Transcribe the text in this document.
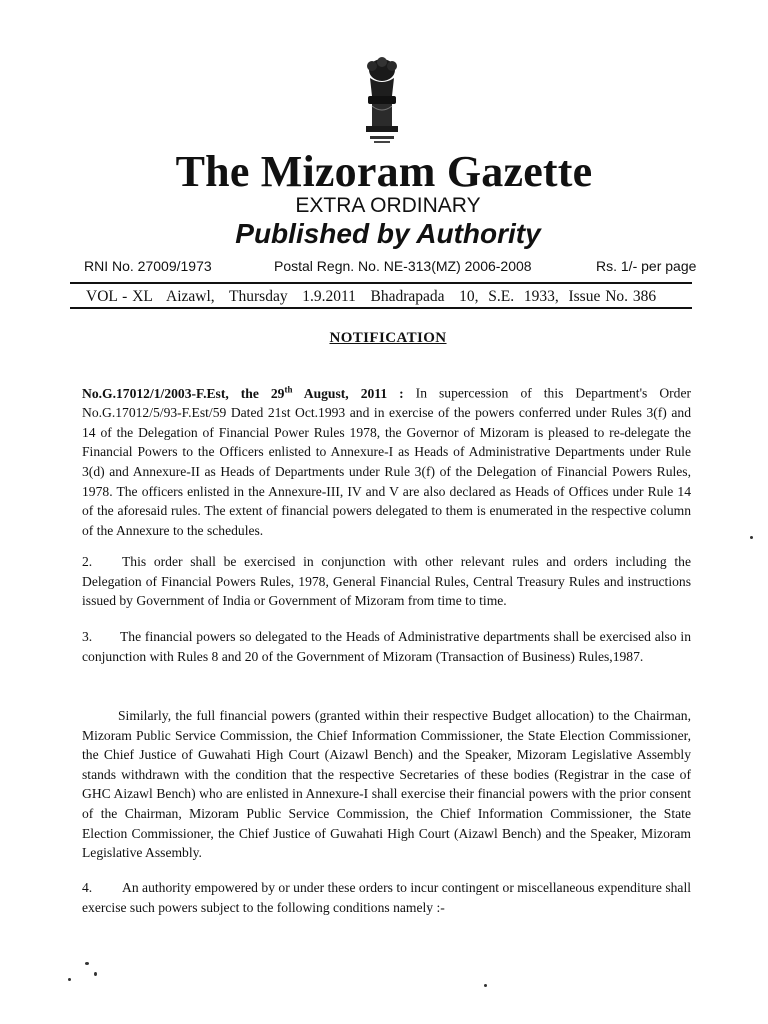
The Mizoram Gazette
EXTRA ORDINARY
Published by Authority
RNI No. 27009/1973	Postal Regn. No. NE-313(MZ) 2006-2008	Rs. 1/- per page
VOL - XL   Aizawl,   Thursday   1.9.2011   Bhadrapada   10,  S.E.  1933,  Issue No. 386
NOTIFICATION

No.G.17012/1/2003-F.Est, the 29th August, 2011 : In supercession of this Department's Order No.G.17012/5/93-F.Est/59 Dated 21st Oct.1993 and in exercise of the powers conferred under Rules 3(f) and 14 of the Delegation of Financial Power Rules 1978, the Governor of Mizoram is pleased to re-delegate the Financial Powers to the Officers enlisted to Annexure-I as Heads of Administrative Departments under Rule 3(d) and Annexure-II as Heads of Departments under Rule 3(f) of the Delegation of Financial Powers Rules, 1978. The officers enlisted in the Annexure-III, IV and V are also declared as Heads of Offices under Rule 14 of the aforesaid rules. The extent of financial powers delegated to them is enumerated in the respective column of the Annexure to the schedules.

2. This order shall be exercised in conjunction with other relevant rules and orders including the Delegation of Financial Powers Rules, 1978, General Financial Rules, Central Treasury Rules and instructions issued by Government of India or Government of Mizoram from time to time.

3. The financial powers so delegated to the Heads of Administrative departments shall be exercised also in conjunction with Rules 8 and 20 of the Government of Mizoram (Transaction of Business) Rules,1987.

Similarly, the full financial powers (granted within their respective Budget allocation) to the Chairman, Mizoram Public Service Commission, the Chief Information Commissioner, the State Election Commissioner, the Chief Justice of Guwahati High Court (Aizawl Bench) and the Speaker, Mizoram Legislative Assembly stands withdrawn with the condition that the respective Secretaries of these bodies (Registrar in the case of GHC Aizawl Bench) who are enlisted in Annexure-I shall exercise their financial powers with the prior consent of the Chairman, Mizoram Public Service Commission, the Chief Information Commissioner, the State Election Commissioner, the Chief Justice of Guwahati High Court (Aizawl Bench) and the Speaker, Mizoram Legislative Assembly.

4. An authority empowered by or under these orders to incur contingent or miscellaneous expenditure shall exercise such powers subject to the following conditions namely :-
